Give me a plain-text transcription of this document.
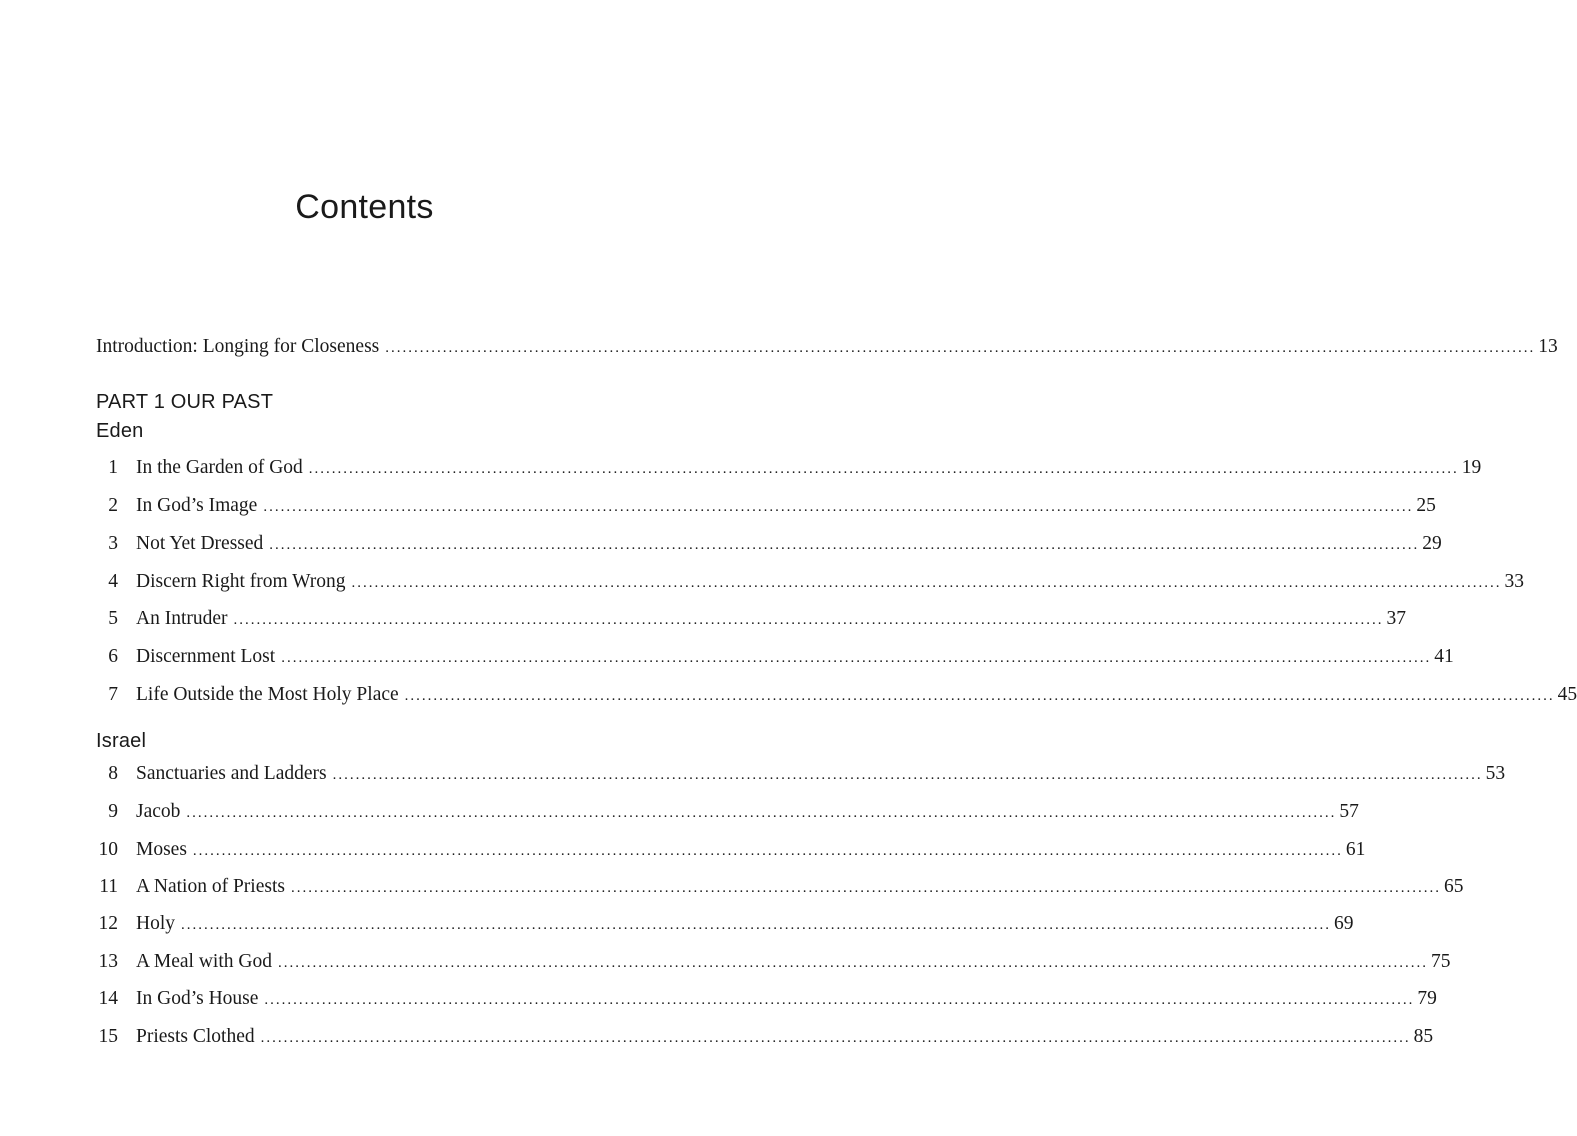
Contents
Introduction: Longing for Closeness ........................................................................................................................................................................................................ 13
PART 1 OUR PAST
Eden
1 In the Garden of God ........................................................................................................................................................................................................ 19
2 In God’s Image ........................................................................................................................................................................................................ 25
3 Not Yet Dressed ........................................................................................................................................................................................................ 29
4 Discern Right from Wrong ........................................................................................................................................................................................................ 33
5 An Intruder ........................................................................................................................................................................................................ 37
6 Discernment Lost ........................................................................................................................................................................................................ 41
7 Life Outside the Most Holy Place ........................................................................................................................................................................................................ 45
Israel
8 Sanctuaries and Ladders ........................................................................................................................................................................................................ 53
9 Jacob ........................................................................................................................................................................................................ 57
10 Moses ........................................................................................................................................................................................................ 61
11 A Nation of Priests ........................................................................................................................................................................................................ 65
12 Holy ........................................................................................................................................................................................................ 69
13 A Meal with God ........................................................................................................................................................................................................ 75
14 In God’s House ........................................................................................................................................................................................................ 79
15 Priests Clothed ........................................................................................................................................................................................................ 85
